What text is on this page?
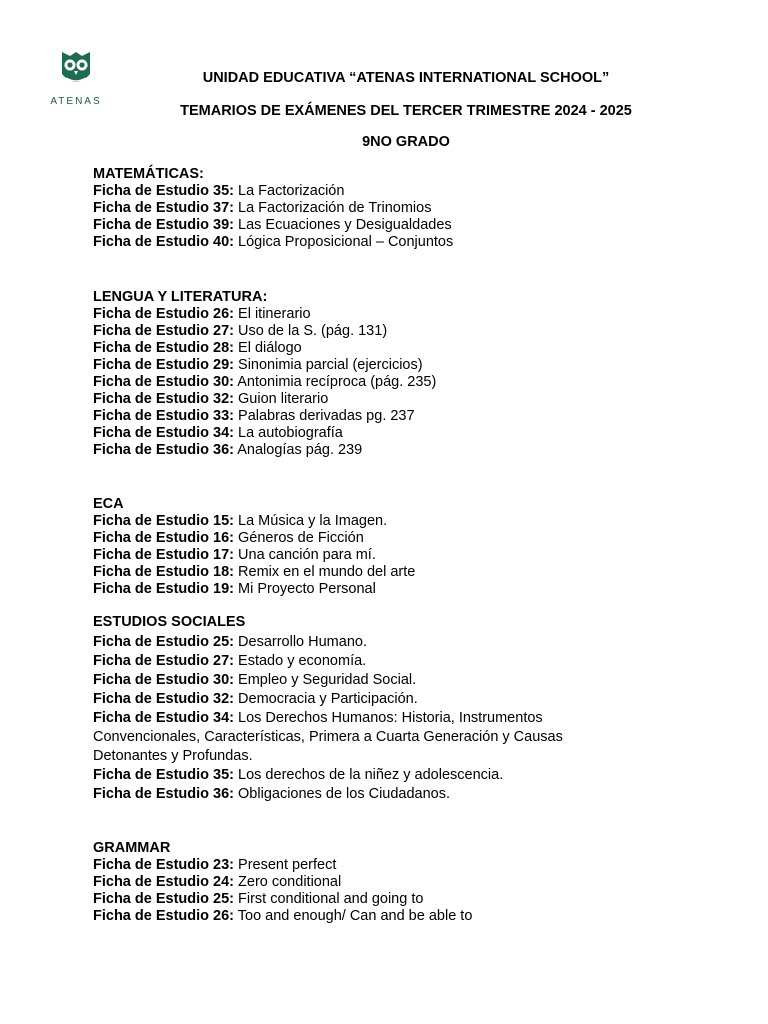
ATENAS
UNIDAD EDUCATIVA “ATENAS INTERNATIONAL SCHOOL”
TEMARIOS DE EXÁMENES DEL TERCER TRIMESTRE 2024 - 2025
9NO GRADO
MATEMÁTICAS:
Ficha de Estudio 35: La Factorización
Ficha de Estudio 37: La Factorización de Trinomios
Ficha de Estudio 39: Las Ecuaciones y Desigualdades
Ficha de Estudio 40: Lógica Proposicional – Conjuntos
LENGUA Y LITERATURA:
Ficha de Estudio 26: El itinerario
Ficha de Estudio 27: Uso de la S. (pág. 131)
Ficha de Estudio 28: El diálogo
Ficha de Estudio 29: Sinonimia parcial (ejercicios)
Ficha de Estudio 30: Antonimia recíproca (pág. 235)
Ficha de Estudio 32: Guion literario
Ficha de Estudio 33: Palabras derivadas pg. 237
Ficha de Estudio 34: La autobiografía
Ficha de Estudio 36: Analogías pág. 239
ECA
Ficha de Estudio 15: La Música y la Imagen.
Ficha de Estudio 16: Géneros de Ficción
Ficha de Estudio 17: Una canción para mí.
Ficha de Estudio 18: Remix en el mundo del arte
Ficha de Estudio 19: Mi Proyecto Personal
ESTUDIOS SOCIALES
Ficha de Estudio 25: Desarrollo Humano.
Ficha de Estudio 27: Estado y economía.
Ficha de Estudio 30: Empleo y Seguridad Social.
Ficha de Estudio 32: Democracia y Participación.
Ficha de Estudio 34: Los Derechos Humanos: Historia, Instrumentos Convencionales, Características, Primera a Cuarta Generación y Causas Detonantes y Profundas.
Ficha de Estudio 35: Los derechos de la niñez y adolescencia.
Ficha de Estudio 36: Obligaciones de los Ciudadanos.
GRAMMAR
Ficha de Estudio 23: Present perfect
Ficha de Estudio 24: Zero conditional
Ficha de Estudio 25: First conditional and going to
Ficha de Estudio 26: Too and enough/ Can and be able to
